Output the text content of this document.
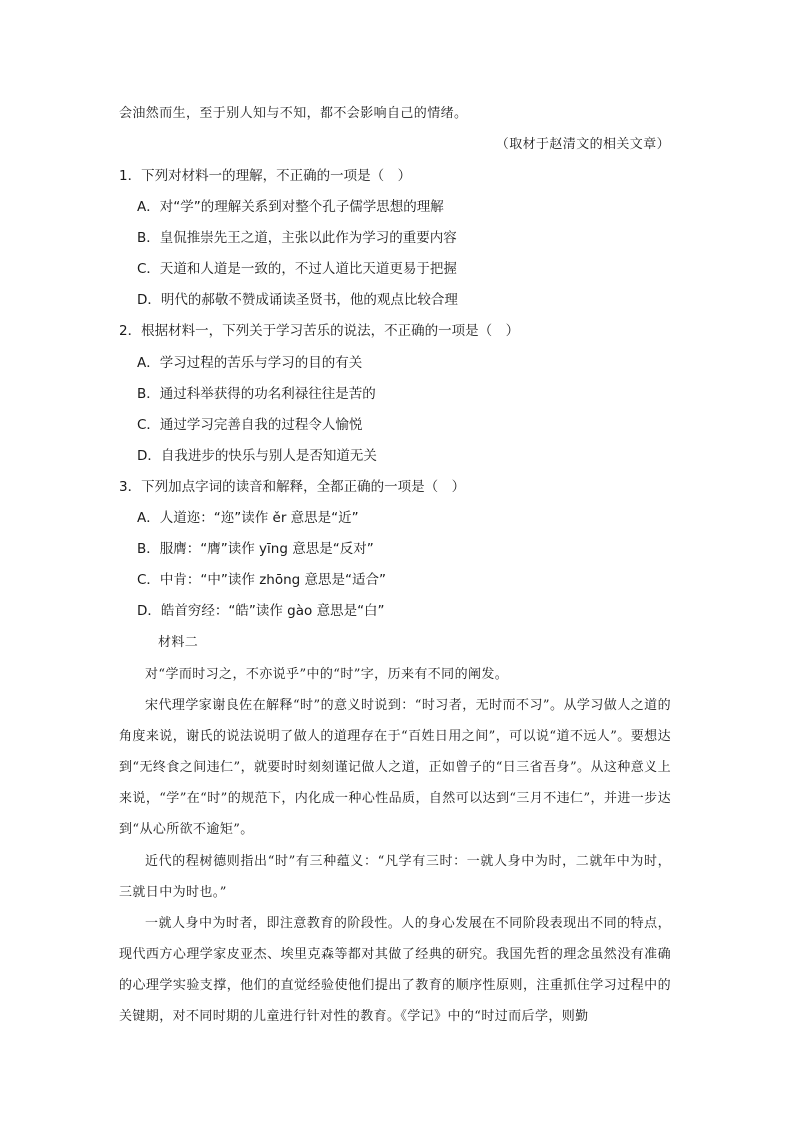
会油然而生，至于别人知与不知，都不会影响自己的情绪。
（取材于赵清文的相关文章）
1．下列对材料一的理解，不正确的一项是（　）
A．对“学”的理解关系到对整个孔子儒学思想的理解
B．皇侃推崇先王之道，主张以此作为学习的重要内容
C．天道和人道是一致的，不过人道比天道更易于把握
D．明代的郝敬不赞成诵读圣贤书，他的观点比较合理
2．根据材料一，下列关于学习苦乐的说法，不正确的一项是（　）
A．学习过程的苦乐与学习的目的有关
B．通过科举获得的功名利禄往往是苦的
C．通过学习完善自我的过程令人愉悦
D．自我进步的快乐与别人是否知道无关
3．下列加点字词的读音和解释，全都正确的一项是（　）
A．人道迩：“迩”读作 ěr 意思是“近”
B．服膺：“膺”读作 yīng 意思是“反对”
C．中肯：“中”读作 zhōng 意思是“适合”
D．皓首穷经：“皓”读作 gào 意思是“白”
材料二
对“学而时习之，不亦说乎”中的“时”字，历来有不同的阐发。
宋代理学家谢良佐在解释“时”的意义时说到：“时习者，无时而不习”。从学习做人之道的角度来说，谢氏的说法说明了做人的道理存在于“百姓日用之间”，可以说“道不远人”。要想达到“无终食之间违仁”，就要时时刻刻谨记做人之道，正如曾子的“日三省吾身”。从这种意义上来说，“学”在“时”的规范下，内化成一种心性品质，自然可以达到“三月不违仁”，并进一步达到“从心所欲不逾矩”。
近代的程树德则指出“时”有三种蕴义：“凡学有三时：一就人身中为时，二就年中为时，三就日中为时也。”
一就人身中为时者，即注意教育的阶段性。人的身心发展在不同阶段表现出不同的特点，现代西方心理学家皮亚杰、埃里克森等都对其做了经典的研究。我国先哲的理念虽然没有准确的心理学实验支撑，他们的直觉经验使他们提出了教育的顺序性原则，注重抓住学习过程中的关键期，对不同时期的儿童进行针对性的教育。《学记》中的“时过而后学，则勤
